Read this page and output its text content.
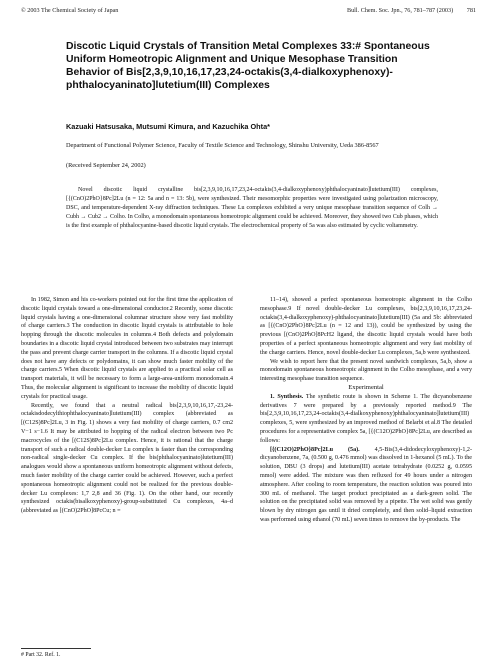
© 2003 The Chemical Society of Japan	Bull. Chem. Soc. Jpn., 76, 781–787 (2003) 781
Discotic Liquid Crystals of Transition Metal Complexes 33:# Spontaneous Uniform Homeotropic Alignment and Unique Mesophase Transition Behavior of Bis[2,3,9,10,16,17,23,24-octakis(3,4-dialkoxyphenoxy)-phthalocyaninato]lutetium(III) Complexes
Kazuaki Hatsusaka, Mutsumi Kimura, and Kazuchika Ohta*
Department of Functional Polymer Science, Faculty of Textile Science and Technology, Shinshu University, Ueda 386-8567
(Received September 24, 2002)

Novel discotic liquid crystalline bis[2,3,9,10,16,17,23,24-octakis(3,4-dialkoxyphenoxy)phthalocyaninato]lutetium(III) complexes, [{(CnO)2PhO}8Pc]2Lu (n = 12: 5a and n = 13: 5b), were synthesized. Their mesomorphic properties were investigated using polarization microscopy, DSC, and temperature-dependent X-ray diffraction techniques. These Lu complexes exhibited a very unique mesophase transition sequence of Colh → Cubh → Cub2 → Colho. In Colho, a monodomain spontaneous homeotropic alignment could be achieved. Moreover, they showed two Cub phases, which is the first example of phthalocyanine-based discotic liquid crystals. The electrochemical property of 5a was also estimated by cyclic voltammetry.

In 1982, Simon and his co-workers pointed out for the first time the application of discotic liquid crystals toward a one-dimensional conductor.2 Recently, some discotic liquid crystals having a one-dimensional columnar structure show very fast mobility of charge carriers.3 The conduction in discotic liquid crystals is attributable to hole hopping through the discotic molecules in columns.4 Both defects and polydomain boundaries in a discotic liquid crystal introduced between two substrates may interrupt the pass and prevent charge carrier transport in the columns. If a discotic liquid crystal does not have any defects or polydomains, it can show much faster mobility of the charge carriers.5 When discotic liquid crystals are applied to a practical solar cell as transport materials, it will be necessary to form a large-area-uniform monodomain.4 Thus, the molecular alignment is significant to increase the mobility of discotic liquid crystals for practical usage.

Recently, we found that a neutral radical bis[2,3,9,10,16,17,-23,24-octakisdodecylthiophthalocyaninato]lutetium(III) complex (abbreviated as [(C12S)8Pc]2Lu, 3 in Fig. 1) shows a very fast mobility of charge carriers, 0.7 cm2 V−1 s−1.6 It may be attributed to hopping of the radical electron between two Pc macrocycles of the [(C12S)8Pc]2Lu complex. Hence, it is rational that the charge transport of such a radical double-decker Lu complex is faster than the corresponding non-radical single-decker Cu complex. If the bis(phthalocyaninato)lutetium(III) analogues would show a spontaneous uniform homeotropic alignment without defects, much faster mobility of the charge carrier could be achieved. However, such a perfect spontaneous homeotropic alignment could not be realized for the previous double-decker Lu complexes: 1,7 2,8 and 36 (Fig. 1). On the other hand, our recently synthesized octakis(bisalkoxyphenoxy)-group-substituted Cu complexes, 4a–d (abbreviated as [(CnO)2PhO]8PcCu; n =

11–14), showed a perfect spontaneous homeotropic alignment in the Colho mesophase.9 If novel double-decker Lu complexes, bis[2,3,9,10,16,17,23,24-octakis(3,4-dialkoxyphenoxy)-phthalocyaninato]lutetium(III) (5a and 5b: abbreviated as [{(CnO)2PhO}8Pc]2Lu (n = 12 and 13)), could be synthesized by using the previous [(CnO)2PhO]8PcH2 ligand, the discotic liquid crystals would have both properties of a perfect spontaneous homeotropic alignment and very fast mobility of the charge carriers. Hence, novel double-decker Lu complexes, 5a,b were synthesized.

We wish to report here that the present novel sandwich complexes, 5a,b, show a monodomain spontaneous homeotropic alignment in the Colho mesophase, and a very interesting mesophase transition sequence.

Experimental

1. Synthesis. The synthetic route is shown in Scheme 1. The dicyanobenzene derivatives 7 were prepared by a previously reported method.9 The bis[2,3,9,10,16,17,23,24-octakis(3,4-dialkoxyphenoxy)phthalocyaninato]lutetium(III) complexes, 5, were synthesized by an improved method of Belarbi et al.8 The detailed procedures for a representative complex 5a, [{(C12O)2PhO}8Pc]2Lu, are described as follows:

[{(C12O)2PhO}8Pc]2Lu (5a). 4,5-Bis(3,4-didodecyloxyphenoxy)-1,2-dicyanobenzene, 7a, (0.500 g, 0.476 mmol) was dissolved in 1-hexanol (5 mL). To the solution, DBU (3 drops) and lutetium(III) acetate tetrahydrate (0.0252 g, 0.0595 mmol) were added. The mixture was then refluxed for 49 hours under a nitrogen atmosphere. After cooling to room temperature, the reaction solution was poured into 300 mL of methanol. The target product precipitated as a dark-green solid. The solution on the precipitated solid was removed by a pipette. The wet solid was gently blown by dry nitrogen gas until it dried completely, and then solid–liquid extraction was performed using ethanol (70 mL) seven times to remove the by-products. The

# Part 32. Ref. 1.
